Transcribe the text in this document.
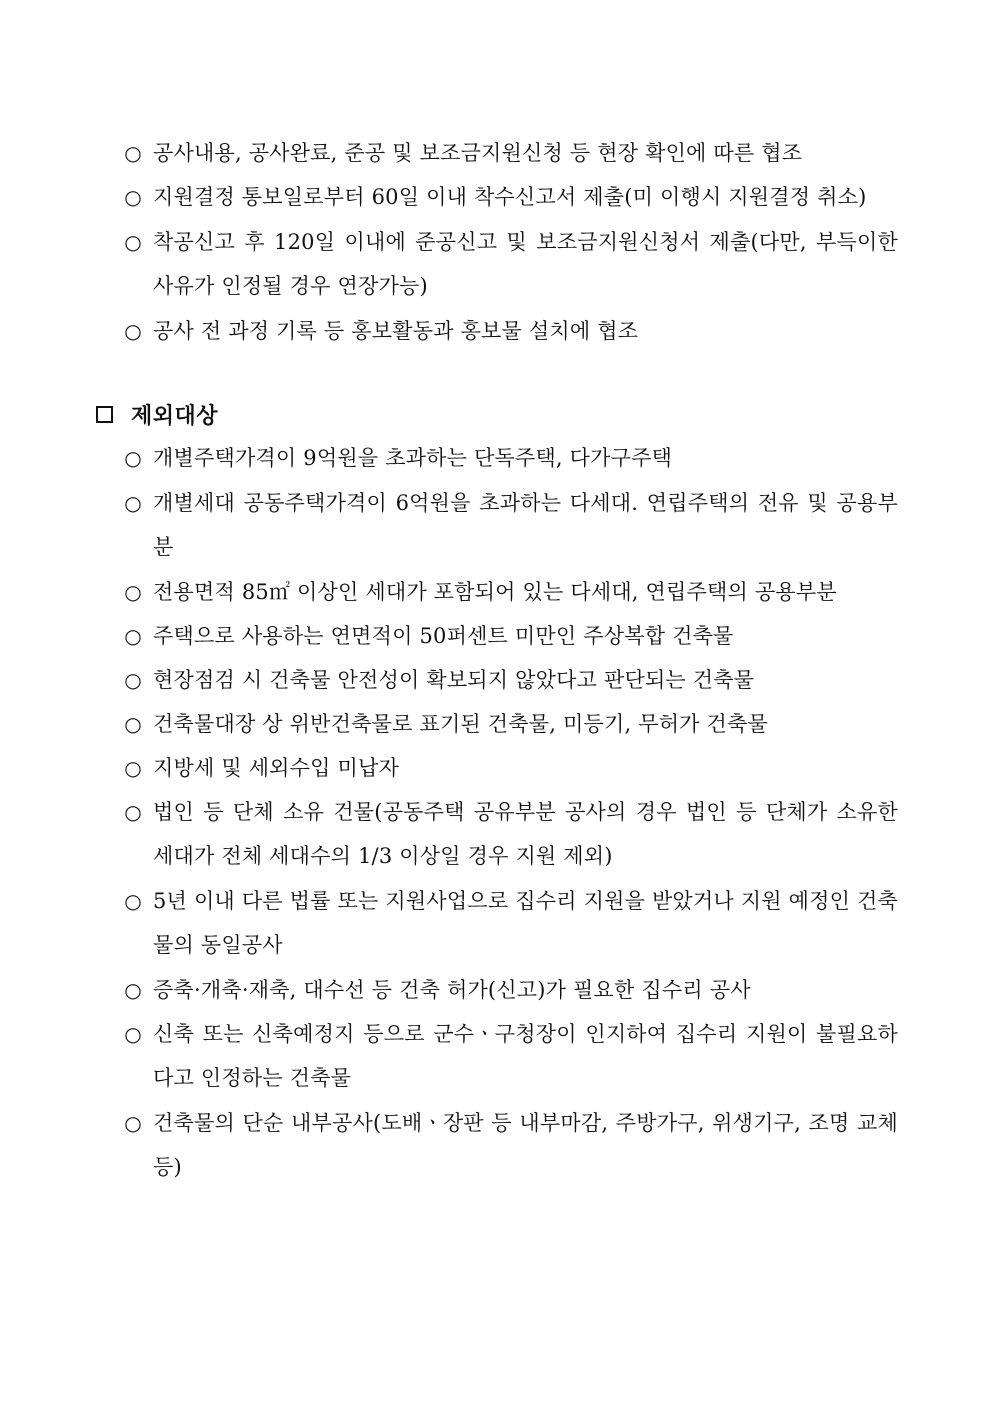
○ 공사내용, 공사완료, 준공 및 보조금지원신청 등 현장 확인에 따른 협조
○ 지원결정 통보일로부터 60일 이내 착수신고서 제출(미 이행시 지원결정 취소)
○ 착공신고 후 120일 이내에 준공신고 및 보조금지원신청서 제출(다만, 부득이한 사유가 인정될 경우 연장가능)
○ 공사 전 과정 기록 등 홍보활동과 홍보물 설치에 협조
제외대상
○ 개별주택가격이 9억원을 초과하는 단독주택, 다가구주택
○ 개별세대 공동주택가격이 6억원을 초과하는 다세대. 연립주택의 전유 및 공용부분
○ 전용면적 85㎡ 이상인 세대가 포함되어 있는 다세대, 연립주택의 공용부분
○ 주택으로 사용하는 연면적이 50퍼센트 미만인 주상복합 건축물
○ 현장점검 시 건축물 안전성이 확보되지 않았다고 판단되는 건축물
○ 건축물대장 상 위반건축물로 표기된 건축물, 미등기, 무허가 건축물
○ 지방세 및 세외수입 미납자
○ 법인 등 단체 소유 건물(공동주택 공유부분 공사의 경우 법인 등 단체가 소유한 세대가 전체 세대수의 1/3 이상일 경우 지원 제외)
○ 5년 이내 다른 법률 또는 지원사업으로 집수리 지원을 받았거나 지원 예정인 건축물의 동일공사
○ 증축·개축·재축, 대수선 등 건축 허가(신고)가 필요한 집수리 공사
○ 신축 또는 신축예정지 등으로 군수ㆍ구청장이 인지하여 집수리 지원이 불필요하다고 인정하는 건축물
○ 건축물의 단순 내부공사(도배ㆍ장판 등 내부마감, 주방가구, 위생기구, 조명 교체 등)
